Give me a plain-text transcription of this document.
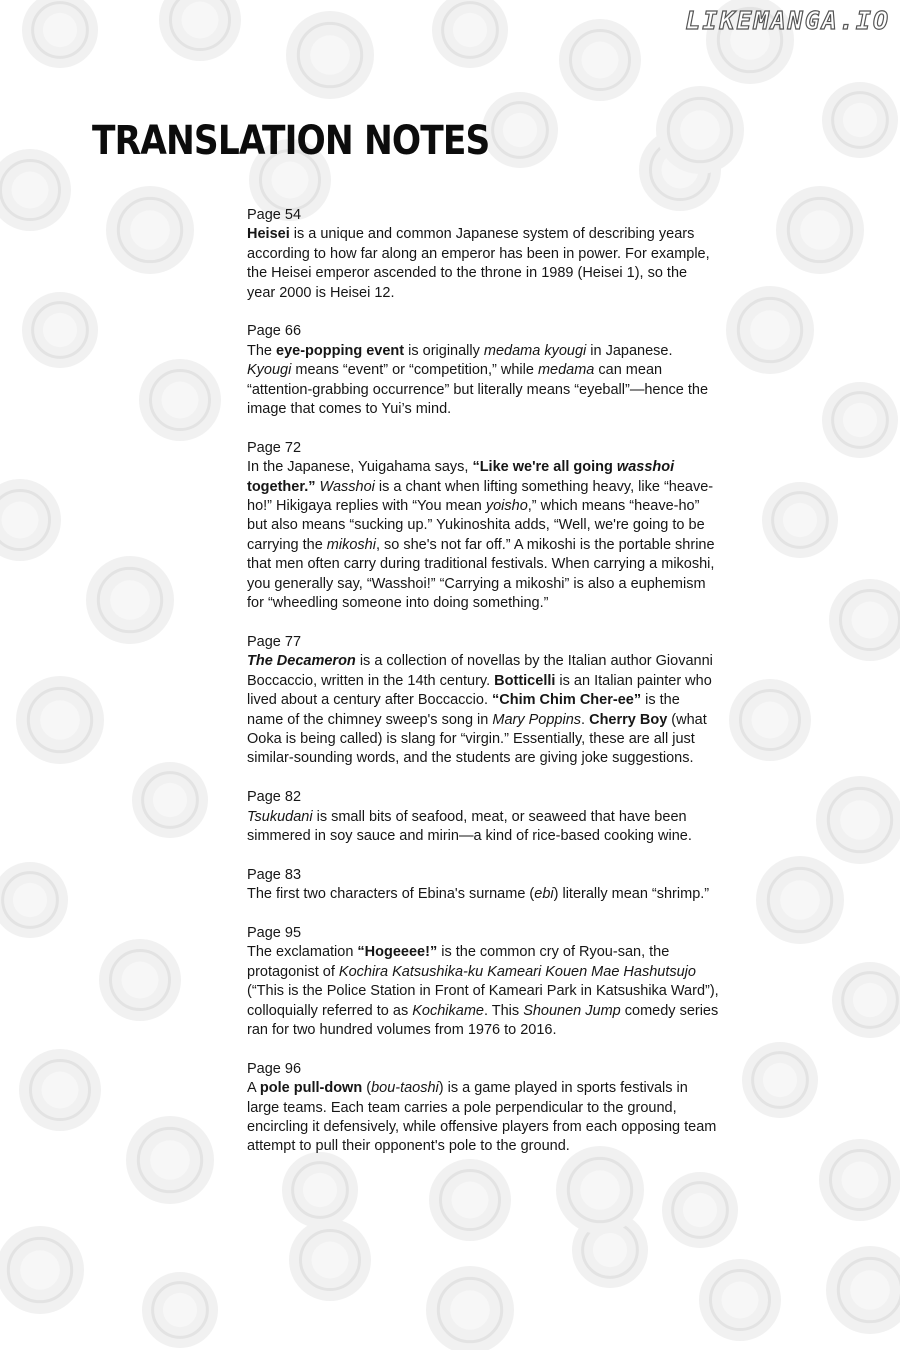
LIKEMANGA.IO
TRANSLATION NOTES
Page 54

Heisei is a unique and common Japanese system of describing years according to how far along an emperor has been in power. For example, the Heisei emperor ascended to the throne in 1989 (Heisei 1), so the year 2000 is Heisei 12.

Page 66

The eye-popping event is originally medama kyougi in Japanese. Kyougi means “event” or “competition,” while medama can mean “attention-grabbing occurrence” but literally means “eyeball”—hence the image that comes to Yui’s mind.

Page 72

In the Japanese, Yuigahama says, “Like we're all going wasshoi together.” Wasshoi is a chant when lifting something heavy, like “heave-ho!” Hikigaya replies with “You mean yoisho,” which means “heave-ho” but also means “sucking up.” Yukinoshita adds, “Well, we're going to be carrying the mikoshi, so she's not far off.” A mikoshi is the portable shrine that men often carry during traditional festivals. When carrying a mikoshi, you generally say, “Wasshoi!” “Carrying a mikoshi” is also a euphemism for “wheedling someone into doing something.”

Page 77

The Decameron is a collection of novellas by the Italian author Giovanni Boccaccio, written in the 14th century. Botticelli is an Italian painter who lived about a century after Boccaccio. “Chim Chim Cher-ee” is the name of the chimney sweep's song in Mary Poppins. Cherry Boy (what Ooka is being called) is slang for “virgin.” Essentially, these are all just similar-sounding words, and the students are giving joke suggestions.

Page 82

Tsukudani is small bits of seafood, meat, or seaweed that have been simmered in soy sauce and mirin—a kind of rice-based cooking wine.

Page 83

The first two characters of Ebina's surname (ebi) literally mean “shrimp.”

Page 95

The exclamation “Hogeeee!” is the common cry of Ryou-san, the protagonist of Kochira Katsushika-ku Kameari Kouen Mae Hashutsujo (“This is the Police Station in Front of Kameari Park in Katsushika Ward”), colloquially referred to as Kochikame. This Shounen Jump comedy series ran for two hundred volumes from 1976 to 2016.

Page 96

A pole pull-down (bou-taoshi) is a game played in sports festivals in large teams. Each team carries a pole perpendicular to the ground, encircling it defensively, while offensive players from each opposing team attempt to pull their opponent's pole to the ground.
